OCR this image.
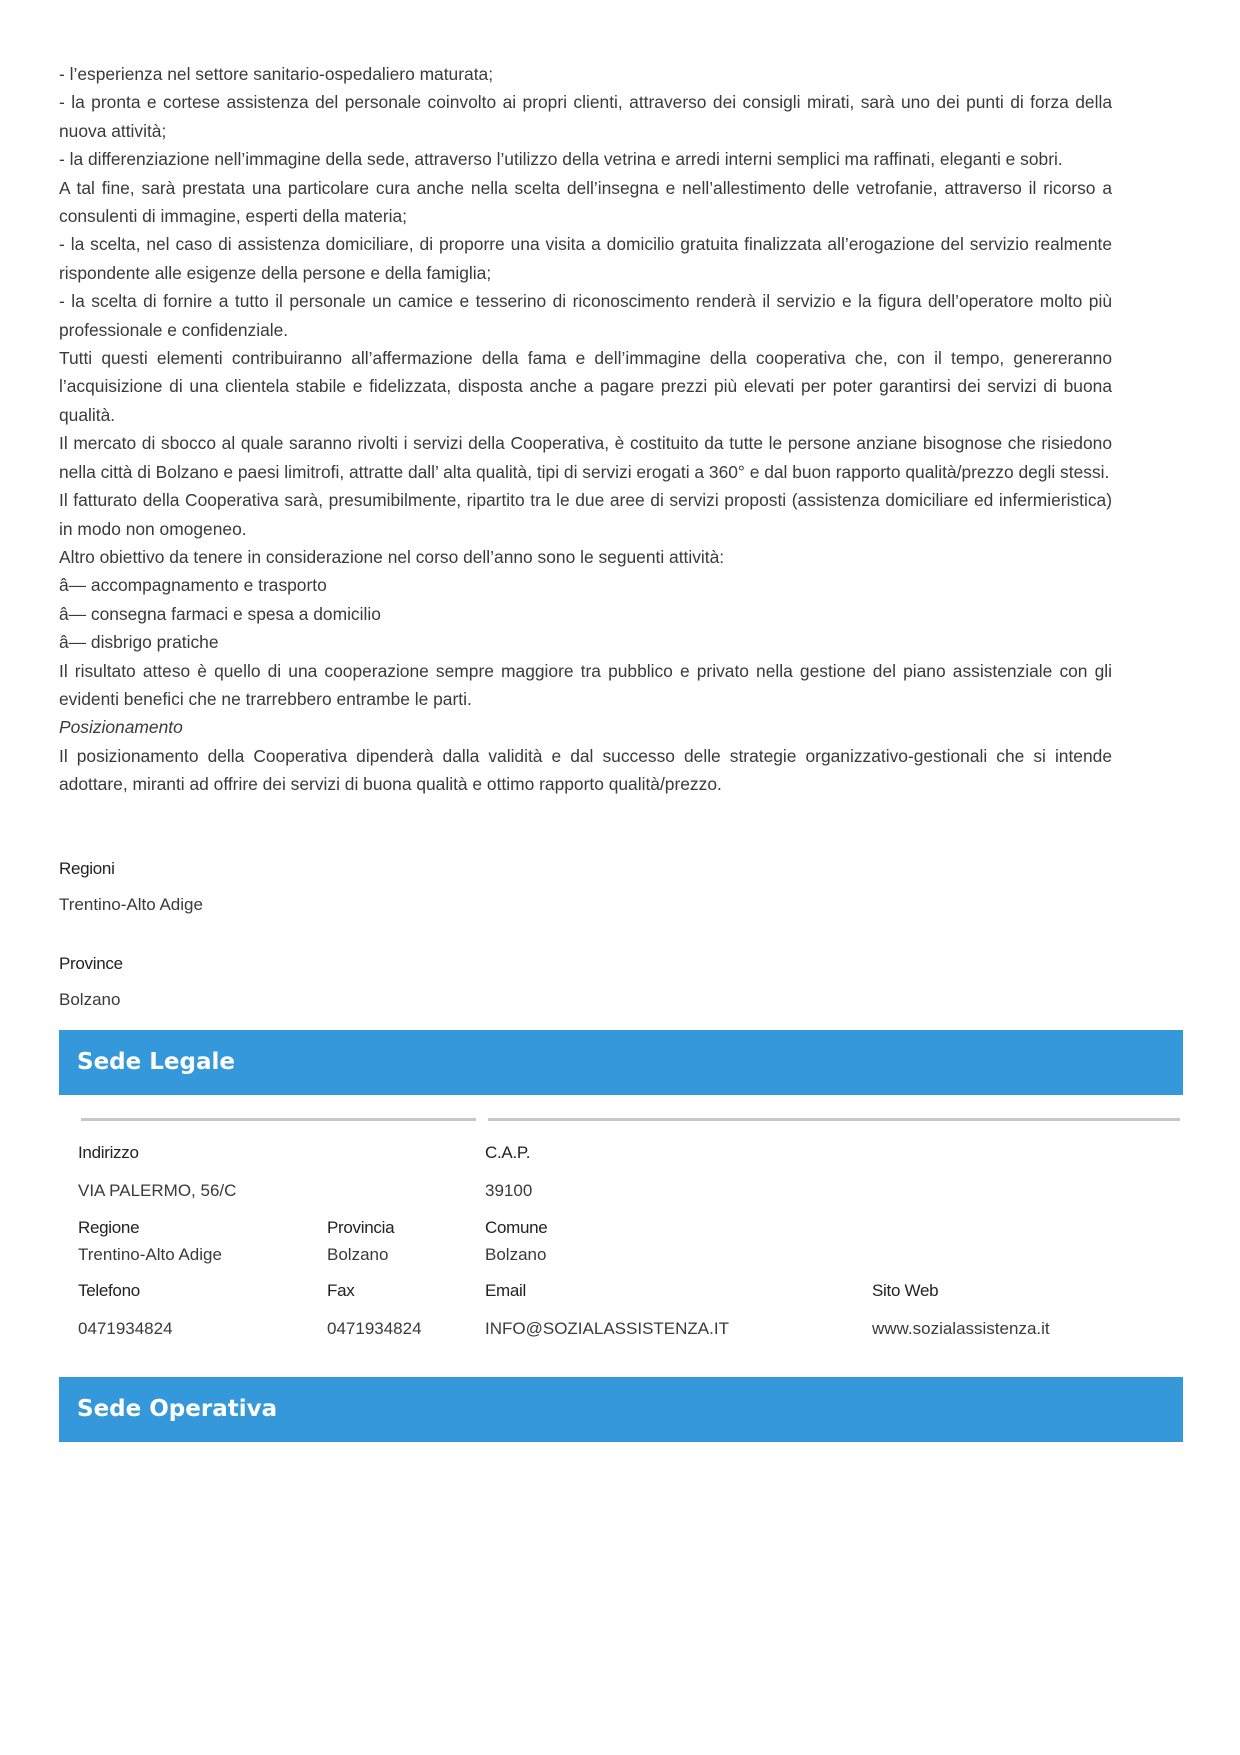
- l’esperienza nel settore sanitario-ospedaliero maturata;

- la pronta e cortese assistenza del personale coinvolto ai propri clienti, attraverso dei consigli mirati, sarà uno dei punti di forza della nuova attività;

- la differenziazione nell’immagine della sede, attraverso l’utilizzo della vetrina e arredi interni semplici ma raffinati, eleganti e sobri.

A tal fine, sarà prestata una particolare cura anche nella scelta dell’insegna e nell’allestimento delle vetrofanie, attraverso il ricorso a consulenti di immagine, esperti della materia;

- la scelta, nel caso di assistenza domiciliare, di proporre una visita a domicilio gratuita finalizzata all’erogazione del servizio realmente rispondente alle esigenze della persone e della famiglia;

- la scelta di fornire a tutto il personale un camice e tesserino di riconoscimento renderà il servizio e la figura dell’operatore molto più professionale e confidenziale.

Tutti questi elementi contribuiranno all’affermazione della fama e dell’immagine della cooperativa che, con il tempo, genereranno l’acquisizione di una clientela stabile e fidelizzata, disposta anche a pagare prezzi più elevati per poter garantirsi dei servizi di buona qualità.

Il mercato di sbocco al quale saranno rivolti i servizi della Cooperativa, è costituito da tutte le persone anziane bisognose che risiedono nella città di Bolzano e paesi limitrofi, attratte dall’ alta qualità, tipi di servizi erogati a 360° e dal buon rapporto qualità/prezzo degli stessi.

Il fatturato della Cooperativa sarà, presumibilmente, ripartito tra le due aree di servizi proposti (assistenza domiciliare ed infermieristica) in modo non omogeneo.

Altro obiettivo da tenere in considerazione nel corso dell’anno sono le seguenti attività:

â— accompagnamento e trasporto

â— consegna farmaci e spesa a domicilio

â— disbrigo pratiche

Il risultato atteso è quello di una cooperazione sempre maggiore tra pubblico e privato nella gestione del piano assistenziale con gli evidenti benefici che ne trarrebbero entrambe le parti.

Posizionamento

Il posizionamento della Cooperativa dipenderà dalla validità e dal successo delle strategie organizzativo-gestionali che si intende adottare, miranti ad offrire dei servizi di buona qualità e ottimo rapporto qualità/prezzo.

Regioni
Trentino-Alto Adige
Province
Bolzano
Sede Legale
Indirizzo
VIA PALERMO, 56/C
C.A.P.
39100
Regione
Trentino-Alto Adige
Provincia
Bolzano
Comune
Bolzano
Telefono
0471934824
Fax
0471934824
Email
INFO@SOZIALASSISTENZA.IT
Sito Web
www.sozialassistenza.it
Sede Operativa
